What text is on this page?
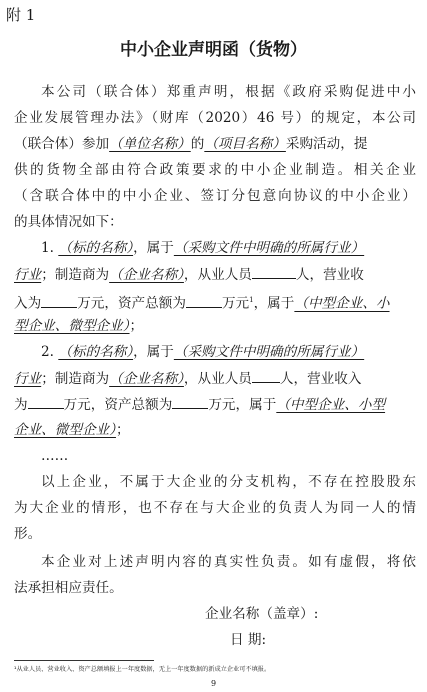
附 1
中小企业声明函（货物）
本公司（联合体）郑重声明，根据《政府采购促进中小
企业发展管理办法》（财库（2020）46 号）的规定，本公司
（联合体）参加（单位名称）的（项目名称）采购活动，提
供的货物全部由符合政策要求的中小企业制造。相关企业
（含联合体中的中小企业、签订分包意向协议的中小企业）
的具体情况如下：
1. （标的名称），属于（采购文件中明确的所属行业）
行业；制造商为（企业名称），从业人员	人，营业收
入为	万元，资产总额为	万元$^1$，属于（中型企业、小
型企业、微型企业）；
2. （标的名称），属于（采购文件中明确的所属行业）
行业；制造商为（企业名称），从业人员 人，营业收入
为	万元，资产总额为	万元，属于（中型企业、小型
企业、微型企业）；
……
以上企业，不属于大企业的分支机构，不存在控股股东
为大企业的情形，也不存在与大企业的负责人为同一人的情
形。
本企业对上述声明内容的真实性负责。如有虚假，将依
法承担相应责任。
企业名称（盖章）:
日 期:
¹从业人员、营业收入、资产总额填报上一年度数据，无上一年度数据的新成立企业可不填报。
9
